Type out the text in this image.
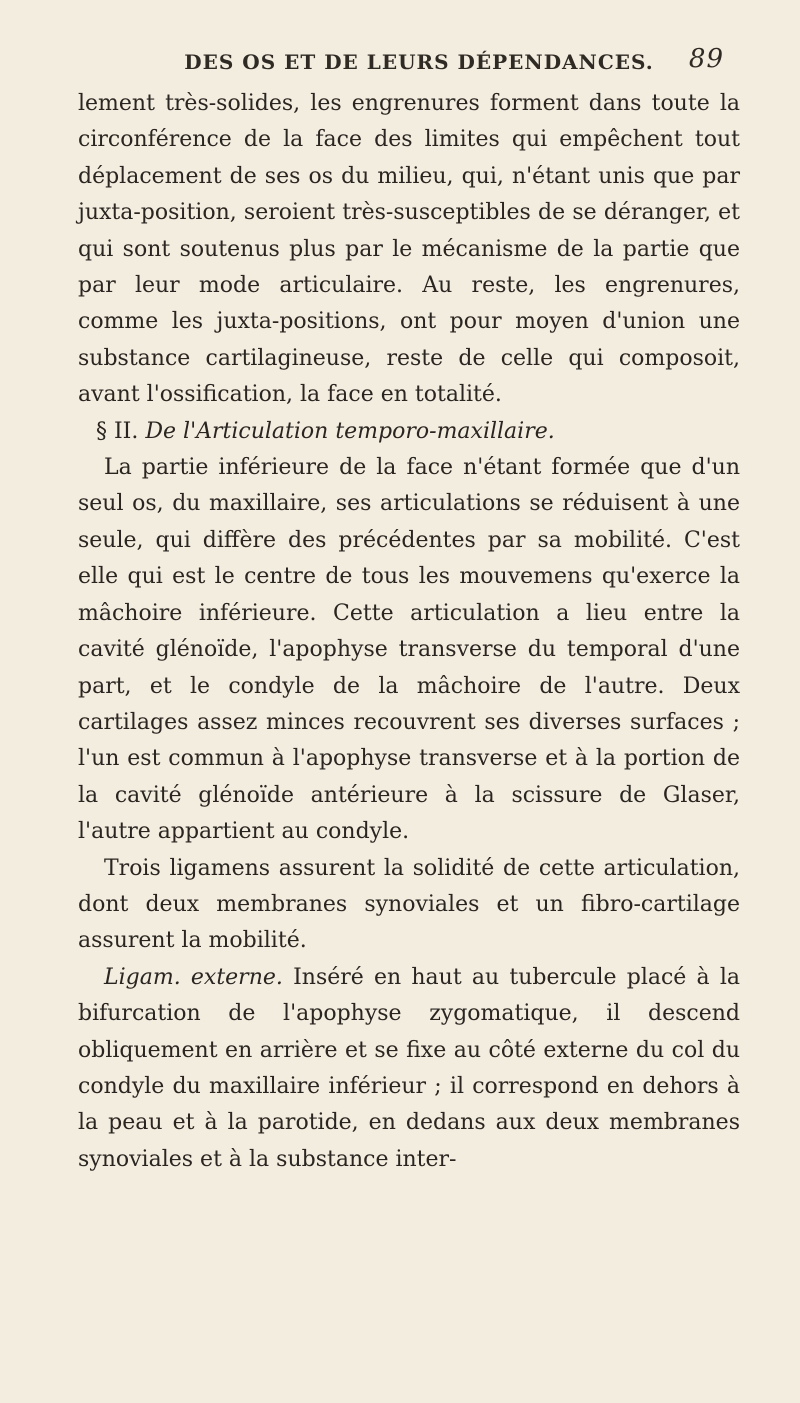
DES OS ET DE LEURS DÉPENDANCES. 89

lement très-solides, les engrenures forment dans toute la circonférence de la face des limites qui empêchent tout déplacement de ses os du milieu, qui, n'étant unis que par juxta-position, seroient très-susceptibles de se déranger, et qui sont soutenus plus par le mécanisme de la partie que par leur mode articulaire. Au reste, les engrenures, comme les juxta-positions, ont pour moyen d'union une substance cartilagineuse, reste de celle qui composoit, avant l'ossification, la face en totalité.

§ II. De l'Articulation temporo-maxillaire.

La partie inférieure de la face n'étant formée que d'un seul os, du maxillaire, ses articulations se réduisent à une seule, qui diffère des précédentes par sa mobilité. C'est elle qui est le centre de tous les mouvemens qu'exerce la mâchoire inférieure. Cette articulation a lieu entre la cavité glénoïde, l'apophyse transverse du temporal d'une part, et le condyle de la mâchoire de l'autre. Deux cartilages assez minces recouvrent ses diverses surfaces ; l'un est commun à l'apophyse transverse et à la portion de la cavité glénoïde antérieure à la scissure de Glaser, l'autre appartient au condyle.

Trois ligamens assurent la solidité de cette articulation, dont deux membranes synoviales et un fibro-cartilage assurent la mobilité.

Ligam. externe. Inséré en haut au tubercule placé à la bifurcation de l'apophyse zygomatique, il descend obliquement en arrière et se fixe au côté externe du col du condyle du maxillaire inférieur ; il correspond en dehors à la peau et à la parotide, en dedans aux deux membranes synoviales et à la substance inter-
